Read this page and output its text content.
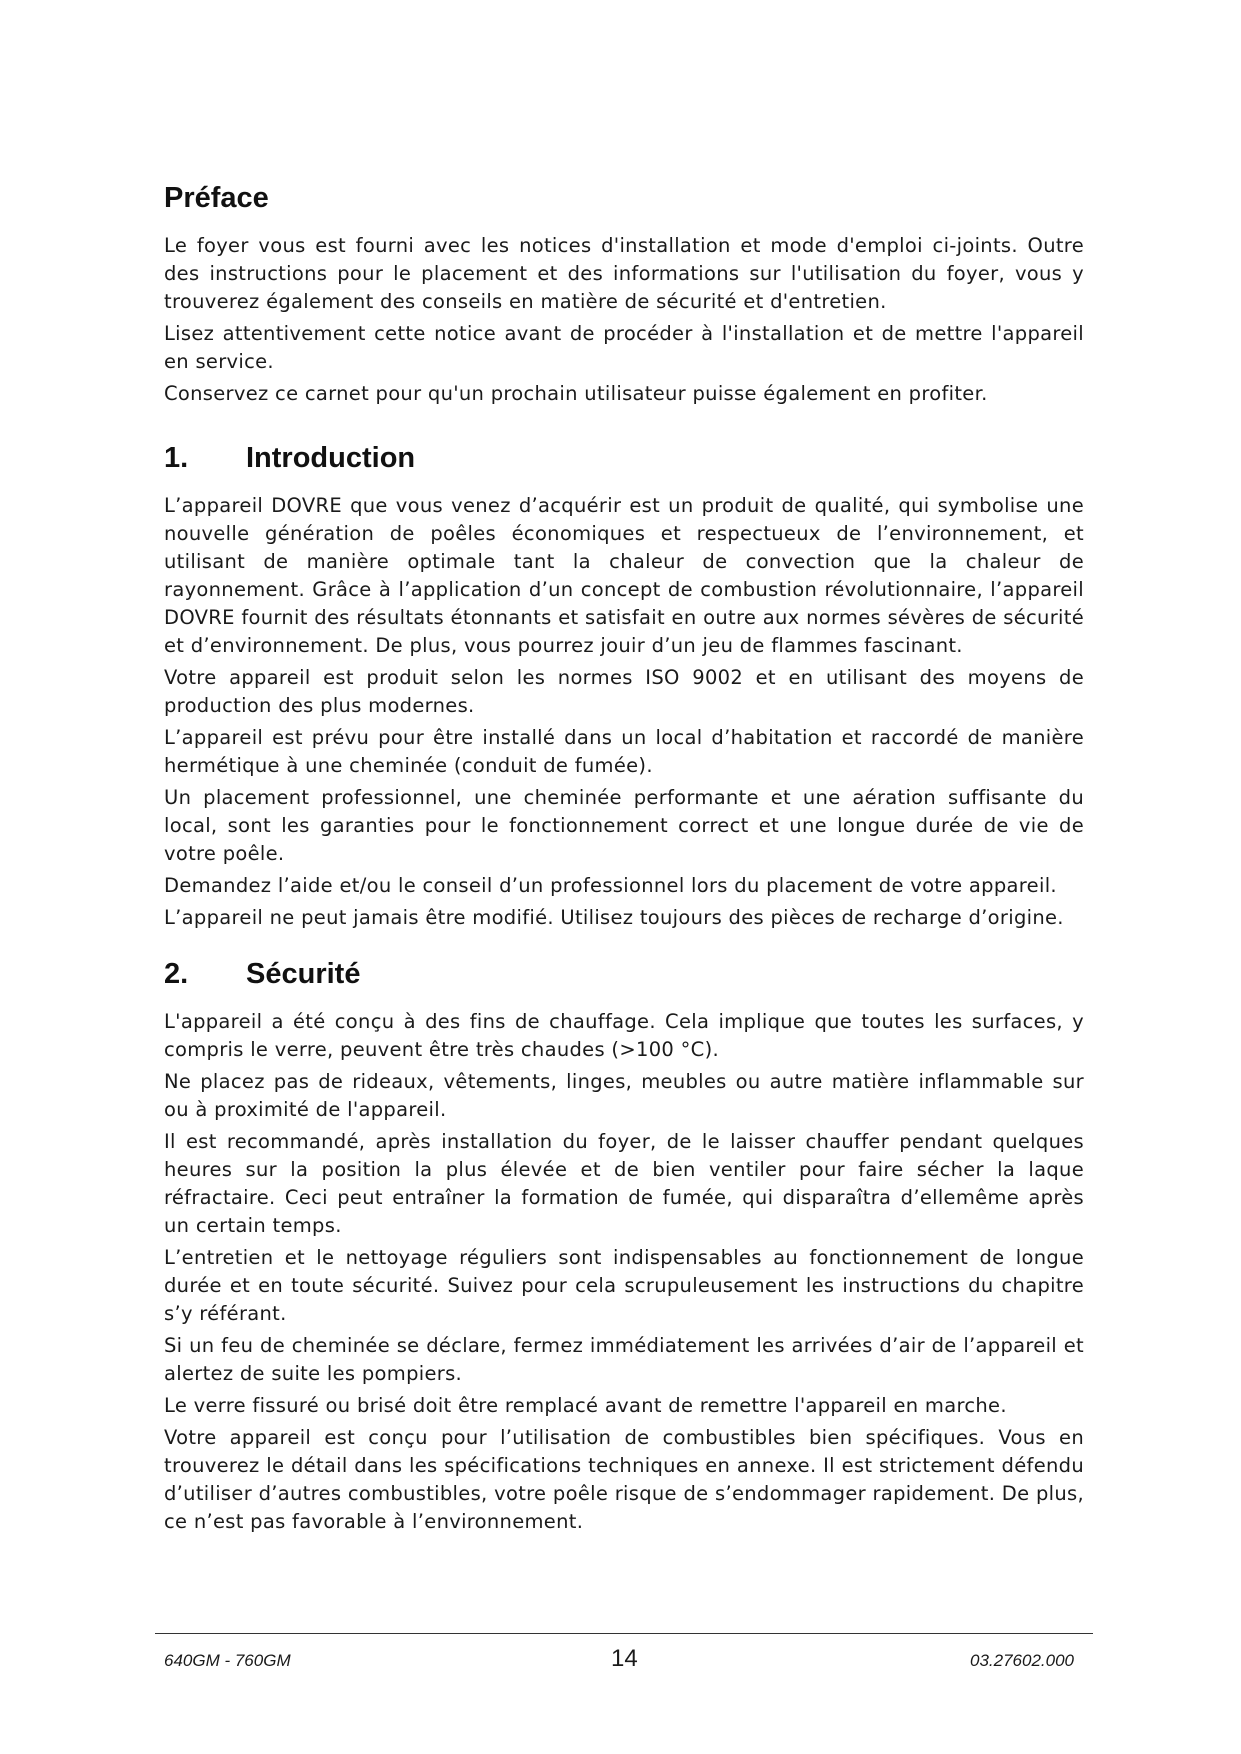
Préface

Le foyer vous est fourni avec les notices d'installation et mode d'emploi ci-joints. Outre des instructions pour le placement et des informations sur l'utilisation du foyer, vous y trouverez également des conseils en matière de sécurité et d'entretien.

Lisez attentivement cette notice avant de procéder à l'installation et de mettre l'appareil en service.

Conservez ce carnet pour qu'un prochain utilisateur puisse également en profiter.

1. Introduction

L’appareil DOVRE que vous venez d’acquérir est un produit de qualité, qui symbolise une nouvelle génération de poêles économiques et respectueux de l’environnement, et utilisant de manière optimale tant la chaleur de convection que la chaleur de rayonnement. Grâce à l’application d’un concept de combustion révolutionnaire, l’appareil DOVRE fournit des résultats étonnants et satisfait en outre aux normes sévères de sécurité et d’environnement. De plus, vous pourrez jouir d’un jeu de flammes fascinant.

Votre appareil est produit selon les normes ISO 9002 et en utilisant des moyens de production des plus modernes.

L’appareil est prévu pour être installé dans un local d’habitation et raccordé de manière hermétique à une cheminée (conduit de fumée).

Un placement professionnel, une cheminée performante et une aération suffisante du local, sont les garanties pour le fonctionnement correct et une longue durée de vie de votre poêle.

Demandez l’aide et/ou le conseil d’un professionnel lors du placement de votre appareil.

L’appareil ne peut jamais être modifié. Utilisez toujours des pièces de recharge d’origine.

2. Sécurité

L'appareil a été conçu à des fins de chauffage. Cela implique que toutes les surfaces, y compris le verre, peuvent être très chaudes (>100 °C).

Ne placez pas de rideaux, vêtements, linges, meubles ou autre matière inflammable sur ou à proximité de l'appareil.

Il est recommandé, après installation du foyer, de le laisser chauffer pendant quelques heures sur la position la plus élevée et de bien ventiler pour faire sécher la laque réfractaire. Ceci peut entraîner la formation de fumée, qui disparaîtra d’ellemême après un certain temps.

L’entretien et le nettoyage réguliers sont indispensables au fonctionnement de longue durée et en toute sécurité. Suivez pour cela scrupuleusement les instructions du chapitre s’y référant.

Si un feu de cheminée se déclare, fermez immédiatement les arrivées d’air de l’appareil et alertez de suite les pompiers.

Le verre fissuré ou brisé doit être remplacé avant de remettre l'appareil en marche.

Votre appareil est conçu pour l’utilisation de combustibles bien spécifiques. Vous en trouverez le détail dans les spécifications techniques en annexe. Il est strictement défendu d’utiliser d’autres combustibles, votre poêle risque de s’endommager rapidement. De plus, ce n’est pas favorable à l’environnement.

640GM - 760GM	14	03.27602.000
